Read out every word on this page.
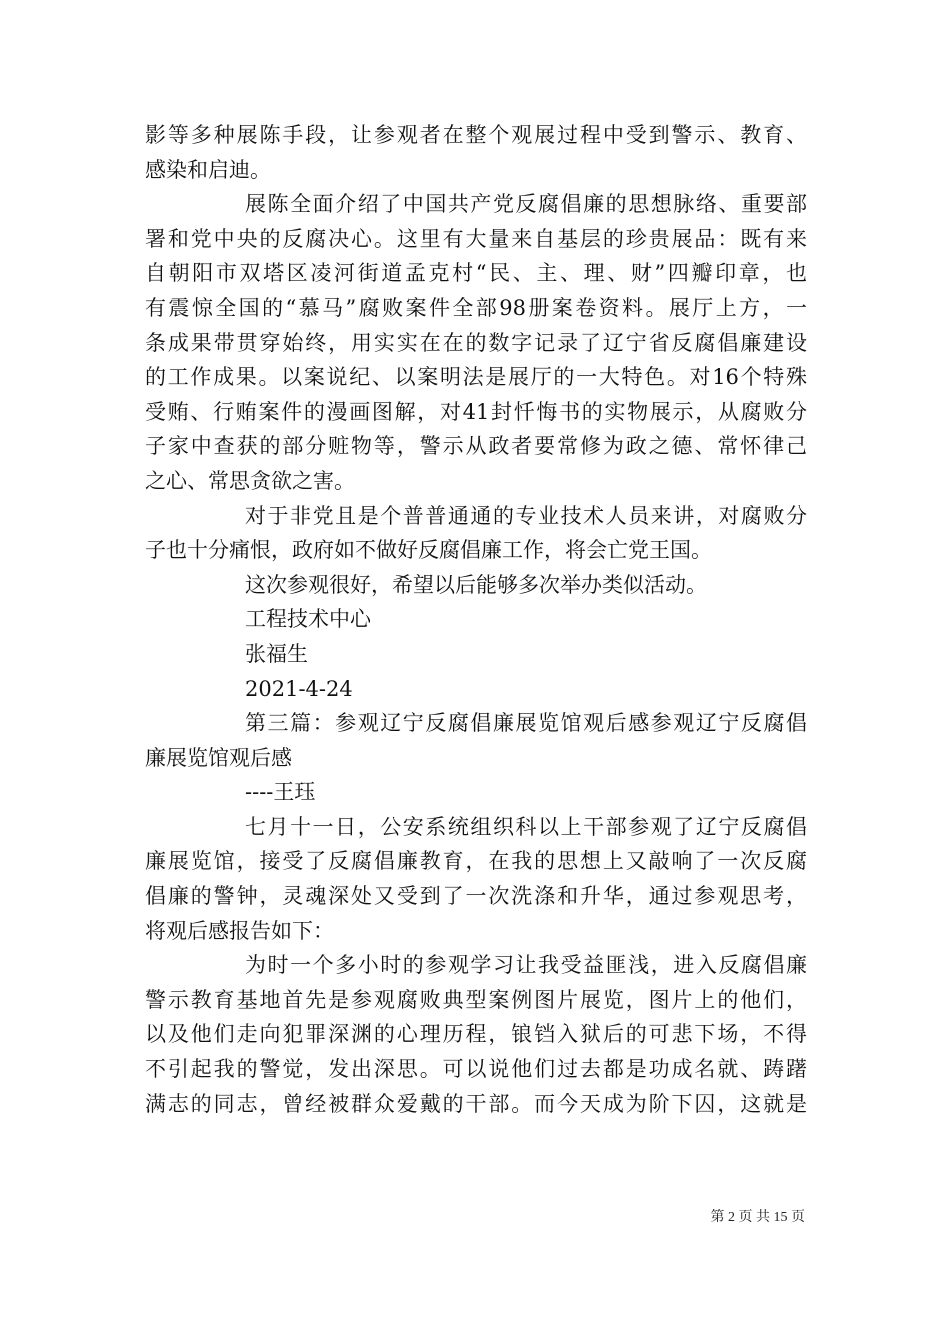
影等多种展陈手段，让参观者在整个观展过程中受到警示、教育、
感染和启迪。
展陈全面介绍了中国共产党反腐倡廉的思想脉络、重要部
署和党中央的反腐决心。这里有大量来自基层的珍贵展品：既有来
自朝阳市双塔区凌河街道孟克村“民、主、理、财”四瓣印章，也
有震惊全国的“慕马”腐败案件全部98册案卷资料。展厅上方，一
条成果带贯穿始终，用实实在在的数字记录了辽宁省反腐倡廉建设
的工作成果。以案说纪、以案明法是展厅的一大特色。对16个特殊
受贿、行贿案件的漫画图解，对41封忏悔书的实物展示，从腐败分
子家中查获的部分赃物等，警示从政者要常修为政之德、常怀律己
之心、常思贪欲之害。
对于非党且是个普普通通的专业技术人员来讲，对腐败分
子也十分痛恨，政府如不做好反腐倡廉工作，将会亡党王国。
这次参观很好，希望以后能够多次举办类似活动。
工程技术中心
张福生
2021-4-24
第三篇：参观辽宁反腐倡廉展览馆观后感参观辽宁反腐倡
廉展览馆观后感
----王珏
七月十一日，公安系统组织科以上干部参观了辽宁反腐倡
廉展览馆，接受了反腐倡廉教育，在我的思想上又敲响了一次反腐
倡廉的警钟，灵魂深处又受到了一次洗涤和升华，通过参观思考，
将观后感报告如下：
为时一个多小时的参观学习让我受益匪浅，进入反腐倡廉
警示教育基地首先是参观腐败典型案例图片展览，图片上的他们，
以及他们走向犯罪深渊的心理历程，锒铛入狱后的可悲下场，不得
不引起我的警觉，发出深思。可以说他们过去都是功成名就、踌躇
满志的同志，曾经被群众爱戴的干部。而今天成为阶下囚，这就是
第 2 页 共 15 页
